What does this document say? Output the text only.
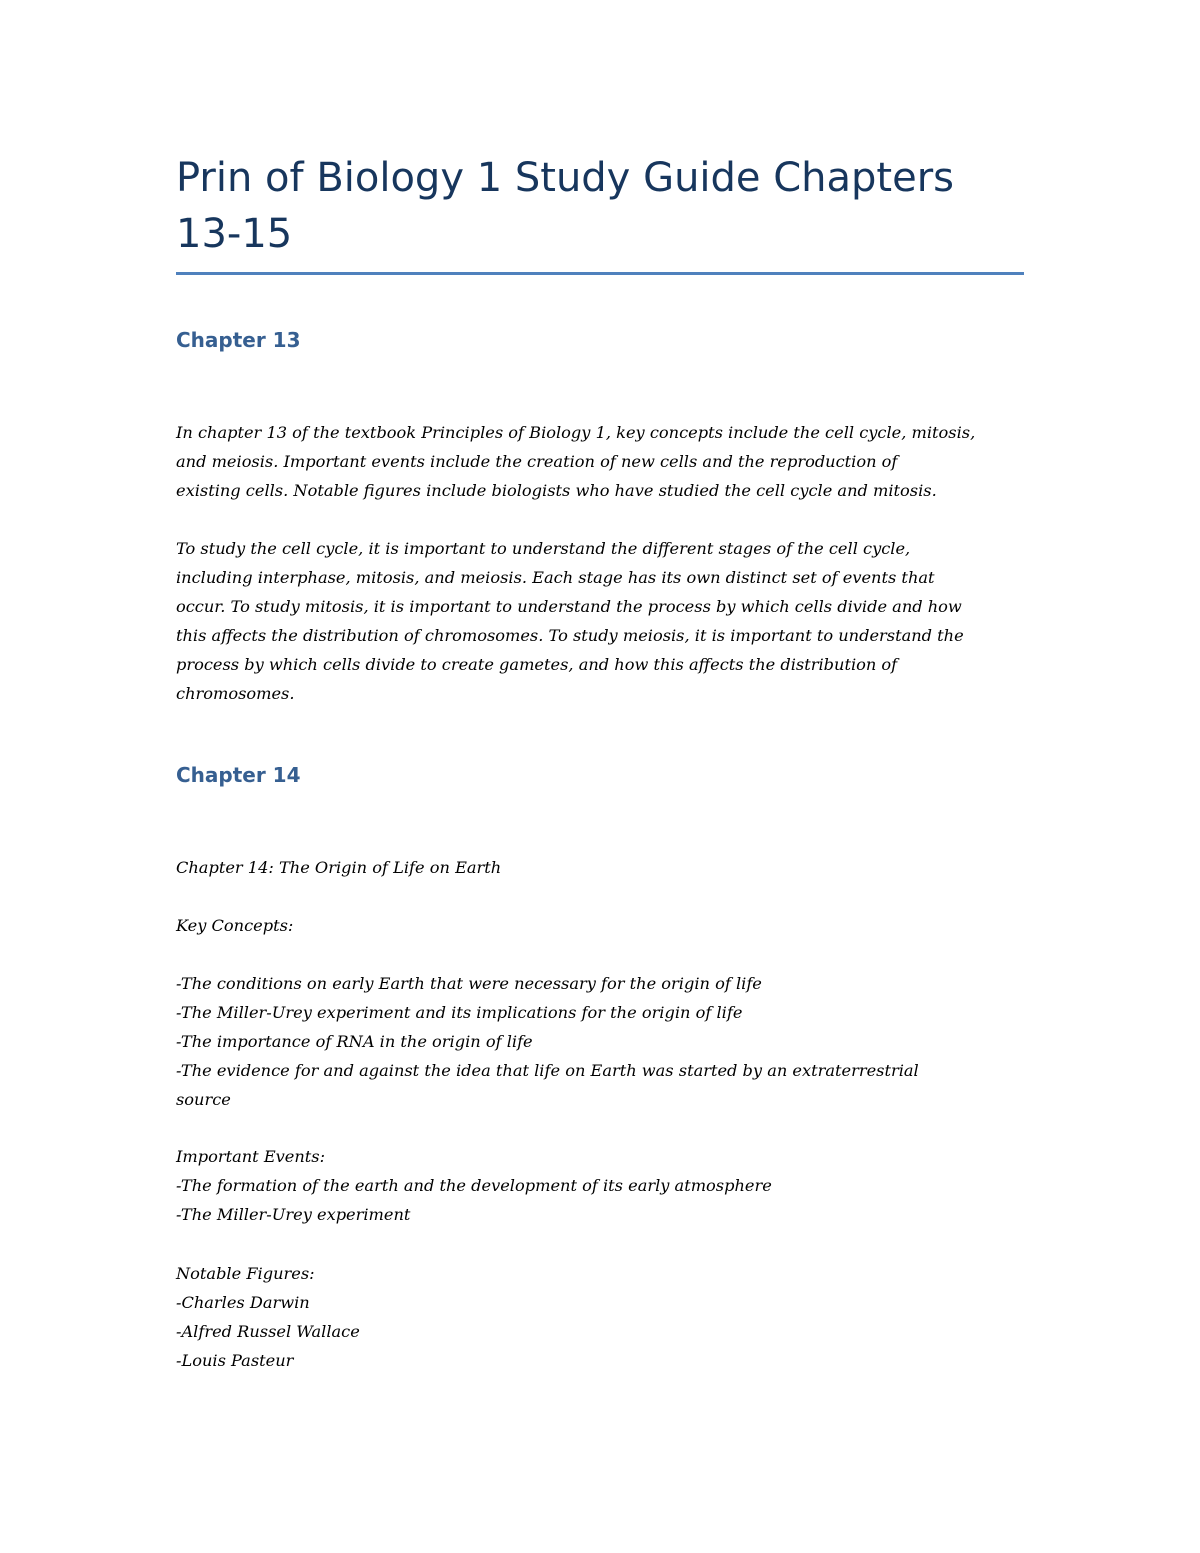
Prin of Biology 1 Study Guide Chapters
13-15
Chapter 13
In chapter 13 of the textbook Principles of Biology 1, key concepts include the cell cycle, mitosis,
and meiosis. Important events include the creation of new cells and the reproduction of
existing cells. Notable figures include biologists who have studied the cell cycle and mitosis.
To study the cell cycle, it is important to understand the different stages of the cell cycle,
including interphase, mitosis, and meiosis. Each stage has its own distinct set of events that
occur. To study mitosis, it is important to understand the process by which cells divide and how
this affects the distribution of chromosomes. To study meiosis, it is important to understand the
process by which cells divide to create gametes, and how this affects the distribution of
chromosomes.
Chapter 14
Chapter 14: The Origin of Life on Earth
Key Concepts:
-The conditions on early Earth that were necessary for the origin of life
-The Miller-Urey experiment and its implications for the origin of life
-The importance of RNA in the origin of life
-The evidence for and against the idea that life on Earth was started by an extraterrestrial
source
Important Events:
-The formation of the earth and the development of its early atmosphere
-The Miller-Urey experiment
Notable Figures:
-Charles Darwin
-Alfred Russel Wallace
-Louis Pasteur
